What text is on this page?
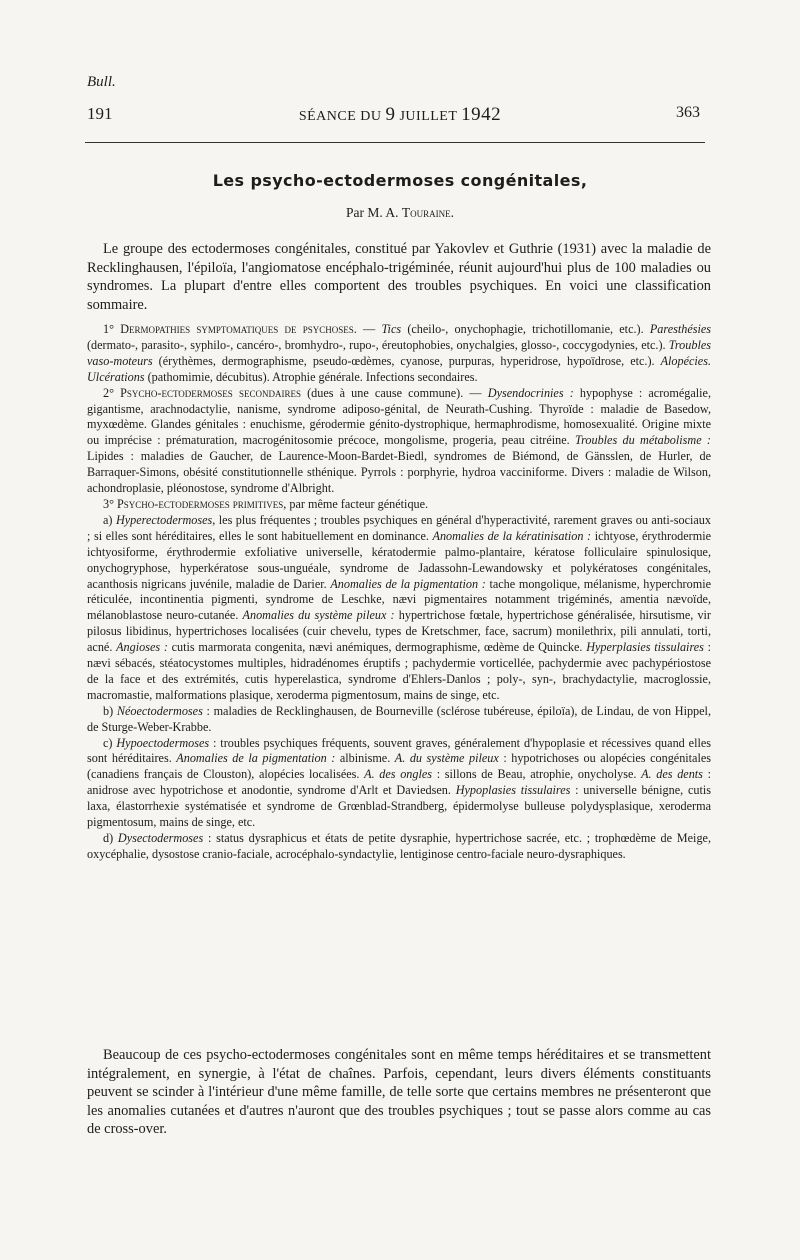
Bull.
191	SÉANCE DU 9 JUILLET 1942	363
Les psycho-ectodermoses congénitales,
Par M. A. Touraine.

Le groupe des ectodermoses congénitales, constitué par Yakovlev et Guthrie (1931) avec la maladie de Recklinghausen, l'épiloïa, l'angiomatose encéphalo-trigéminée, réunit aujourd'hui plus de 100 maladies ou syndromes. La plupart d'entre elles comportent des troubles psychiques. En voici une classification sommaire.

1° Dermopathies symptomatiques de psychoses. — Tics (cheilo-, onychophagie, trichotillomanie, etc.). Paresthésies (dermato-, parasito-, syphilo-, cancéro-, bromhydro-, rupo-, éreutophobies, onychalgies, glosso-, coccygodynies, etc.). Troubles vaso-moteurs (érythèmes, dermographisme, pseudo-œdèmes, cyanose, purpuras, hyperidrose, hypoïdrose, etc.). Alopécies. Ulcérations (pathomimie, décubitus). Atrophie générale. Infections secondaires.

2° Psycho-ectodermoses secondaires (dues à une cause commune). — Dysendocrinies : hypophyse : acromégalie, gigantisme, arachnodactylie, nanisme, syndrome adiposo-génital, de Neurath-Cushing. Thyroïde : maladie de Basedow, myxœdème. Glandes génitales : enuchisme, gérodermie génito-dystrophique, hermaphrodisme, homosexualité. Origine mixte ou imprécise : prématuration, macrogénitosomie précoce, mongolisme, progeria, peau citréine. Troubles du métabolisme : Lipides : maladies de Gaucher, de Laurence-Moon-Bardet-Biedl, syndromes de Biémond, de Gänsslen, de Hurler, de Barraquer-Simons, obésité constitutionnelle sthénique. Pyrrols : porphyrie, hydroa vacciniforme. Divers : maladie de Wilson, achondroplasie, pléonostose, syndrome d'Albright.

3° Psycho-ectodermoses primitives, par même facteur génétique.

a) Hyperectodermoses, les plus fréquentes ; troubles psychiques en général d'hyperactivité, rarement graves ou anti-sociaux ; si elles sont héréditaires, elles le sont habituellement en dominance. Anomalies de la kératinisation : ichtyose, érythrodermie ichtyosiforme, érythrodermie exfoliative universelle, kératodermie palmo-plantaire, kératose folliculaire spinulosique, onychogryphose, hyperkératose sous-unguéale, syndrome de Jadassohn-Lewandowsky et polykératoses congénitales, acanthosis nigricans juvénile, maladie de Darier. Anomalies de la pigmentation : tache mongolique, mélanisme, hyperchromie réticulée, incontinentia pigmenti, syndrome de Leschke, nævi pigmentaires notamment trigéminés, amentia nævoïde, mélanoblastose neuro-cutanée. Anomalies du système pileux : hypertrichose fœtale, hypertrichose généralisée, hirsutisme, vir pilosus libidinus, hypertrichoses localisées (cuir chevelu, types de Kretschmer, face, sacrum) monilethrix, pili annulati, torti, acné. Angioses : cutis marmorata congenita, nævi anémiques, dermographisme, œdème de Quincke. Hyperplasies tissulaires : nævi sébacés, stéatocystomes multiples, hidradénomes éruptifs ; pachydermie vorticellée, pachydermie avec pachypériostose de la face et des extrémités, cutis hyperelastica, syndrome d'Ehlers-Danlos ; poly-, syn-, brachydactylie, macroglossie, macromastie, malformations plasique, xeroderma pigmentosum, mains de singe, etc.

b) Néoectodermoses : maladies de Recklinghausen, de Bourneville (sclérose tubéreuse, épiloïa), de Lindau, de von Hippel, de Sturge-Weber-Krabbe.

c) Hypoectodermoses : troubles psychiques fréquents, souvent graves, généralement d'hypoplasie et récessives quand elles sont héréditaires. Anomalies de la pigmentation : albinisme. A. du système pileux : hypotrichoses ou alopécies congénitales (canadiens français de Clouston), alopécies localisées. A. des ongles : sillons de Beau, atrophie, onycholyse. A. des dents : anidrose avec hypotrichose et anodontie, syndrome d'Arlt et Daviedsen. Hypoplasies tissulaires : universelle bénigne, cutis laxa, élastorrhexie systématisée et syndrome de Grœnblad-Strandberg, épidermolyse bulleuse polydysplasique, xeroderma pigmentosum, mains de singe, etc.

d) Dysectodermoses : status dysraphicus et états de petite dysraphie, hypertrichose sacrée, etc. ; trophœdème de Meige, oxycéphalie, dysostose cranio-faciale, acrocéphalo-syndactylie, lentiginose centro-faciale neuro-dysraphiques.

Beaucoup de ces psycho-ectodermoses congénitales sont en même temps héréditaires et se transmettent intégralement, en synergie, à l'état de chaînes. Parfois, cependant, leurs divers éléments constituants peuvent se scinder à l'intérieur d'une même famille, de telle sorte que certains membres ne présenteront que les anomalies cutanées et d'autres n'auront que des troubles psychiques ; tout se passe alors comme au cas de cross-over.
